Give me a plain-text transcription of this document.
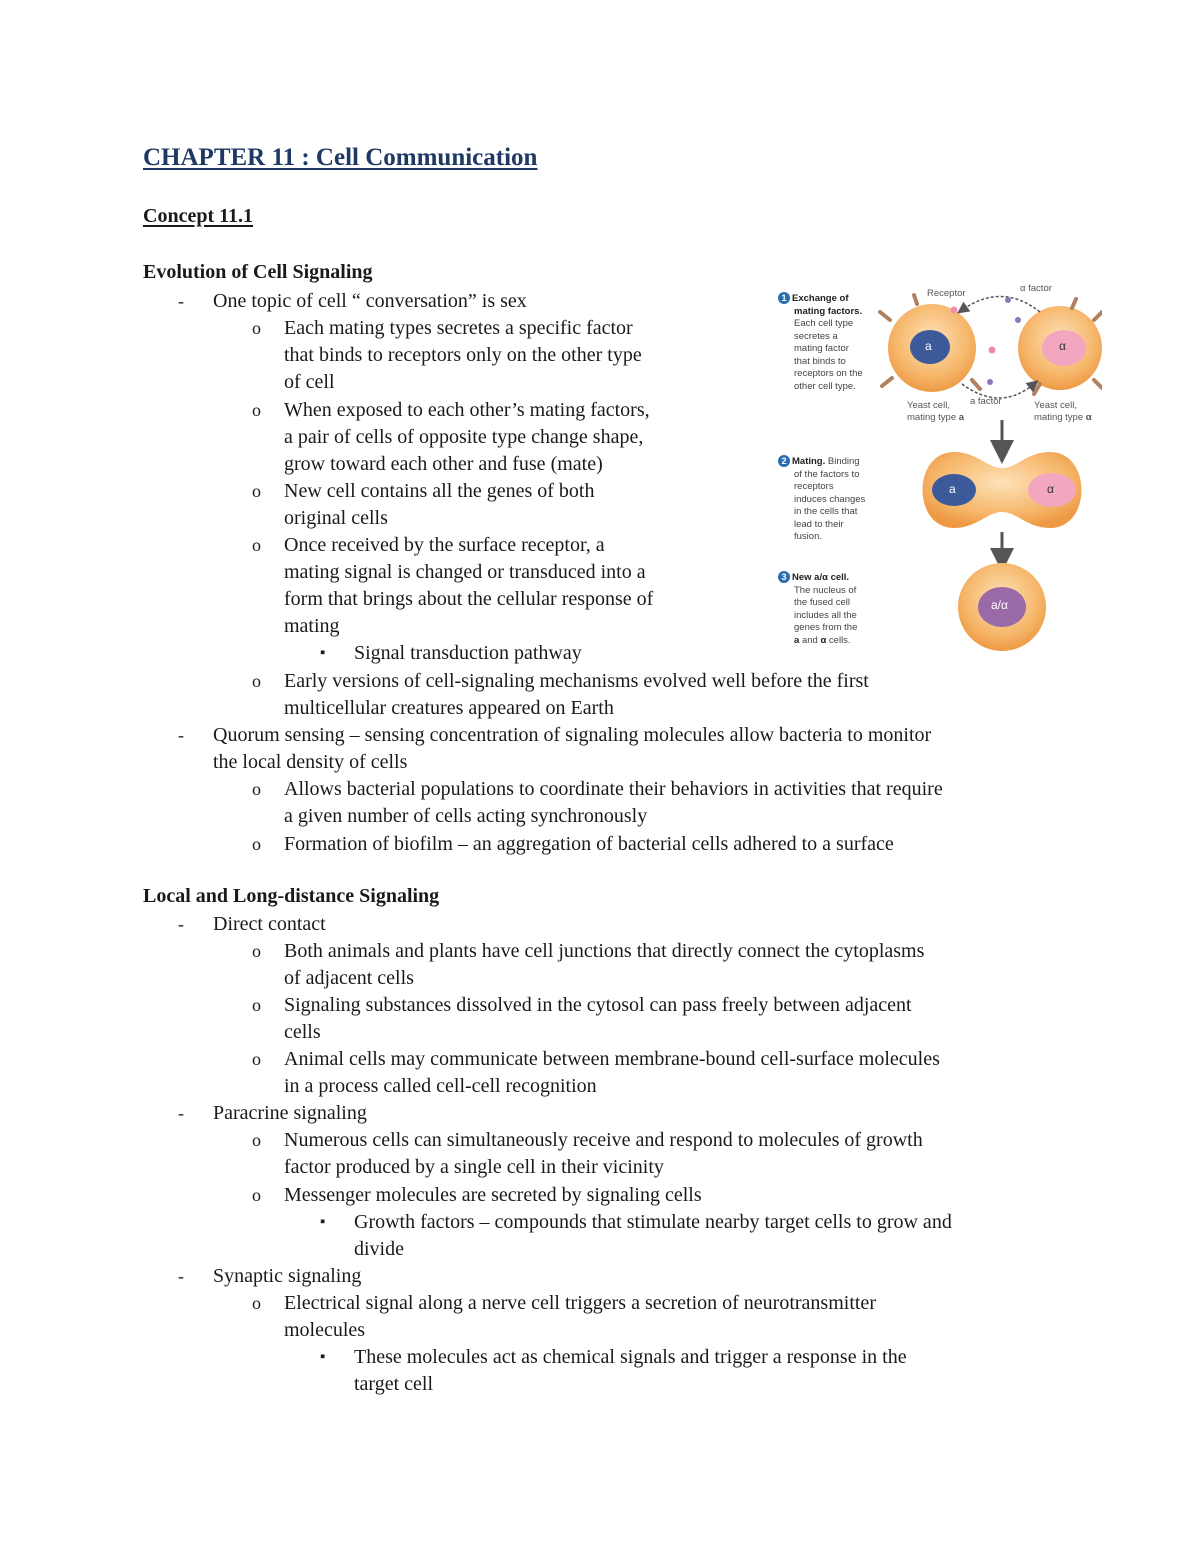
CHAPTER 11 : Cell Communication
Concept 11.1
Evolution of Cell Signaling
- One topic of cell “ conversation” is sex
o Each mating types secretes a specific factor
that binds to receptors only on the other type
of cell
o When exposed to each other’s mating factors,
a pair of cells of opposite type change shape,
grow toward each other and fuse (mate)
o New cell contains all the genes of both
original cells
o Once received by the surface receptor, a
mating signal is changed or transduced into a
form that brings about the cellular response of
mating
▪ Signal transduction pathway
o Early versions of cell-signaling mechanisms evolved well before the first
multicellular creatures appeared on Earth
- Quorum sensing – sensing concentration of signaling molecules allow bacteria to monitor
the local density of cells
o Allows bacterial populations to coordinate their behaviors in activities that require
a given number of cells acting synchronously
o Formation of biofilm – an aggregation of bacterial cells adhered to a surface
Local and Long-distance Signaling
- Direct contact
o Both animals and plants have cell junctions that directly connect the cytoplasms
of adjacent cells
o Signaling substances dissolved in the cytosol can pass freely between adjacent
cells
o Animal cells may communicate between membrane-bound cell-surface molecules
in a process called cell-cell recognition
- Paracrine signaling
o Numerous cells can simultaneously receive and respond to molecules of growth
factor produced by a single cell in their vicinity
o Messenger molecules are secreted by signaling cells
▪ Growth factors – compounds that stimulate nearby target cells to grow and
divide
- Synaptic signaling
o Electrical signal along a nerve cell triggers a secretion of neurotransmitter
molecules
▪ These molecules act as chemical signals and trigger a response in the
target cell
a	α
a	α
a/α
Receptor	α factor
a factor
Yeast cell,
mating type a
Yeast cell,
mating type α
1 Exchange of
mating factors.
Each cell type
secretes a
mating factor
that binds to
receptors on the
other cell type.
2 Mating. Binding
of the factors to
receptors
induces changes
in the cells that
lead to their
fusion.
3 New a/α cell.
The nucleus of
the fused cell
includes all the
genes from the
a and α cells.
